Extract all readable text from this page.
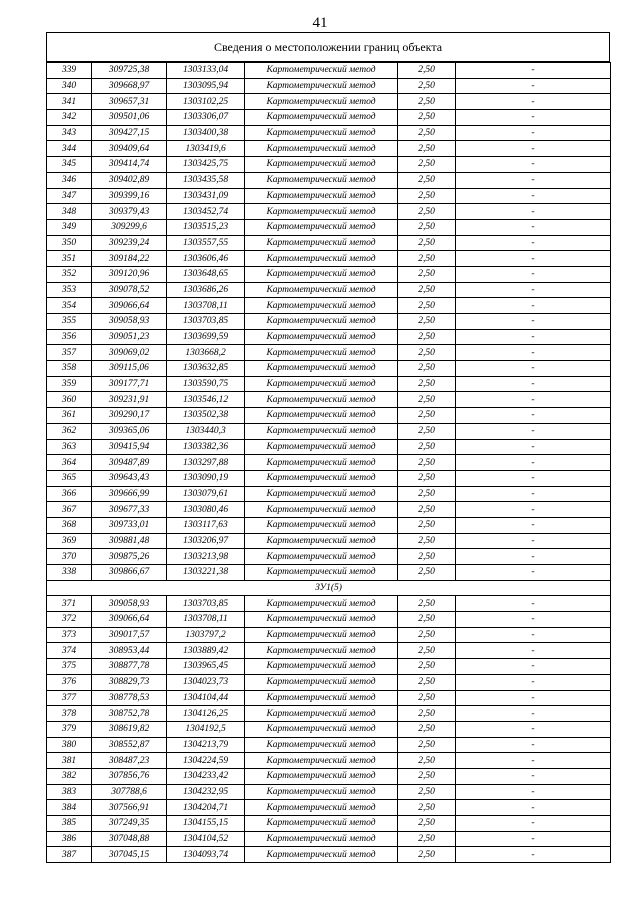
41
Сведения о местоположении границ объекта
339	309725,38	1303133,04	Картометрический метод	2,50	-
340	309668,97	1303095,94	Картометрический метод	2,50	-
341	309657,31	1303102,25	Картометрический метод	2,50	-
342	309501,06	1303306,07	Картометрический метод	2,50	-
343	309427,15	1303400,38	Картометрический метод	2,50	-
344	309409,64	1303419,6	Картометрический метод	2,50	-
345	309414,74	1303425,75	Картометрический метод	2,50	-
346	309402,89	1303435,58	Картометрический метод	2,50	-
347	309399,16	1303431,09	Картометрический метод	2,50	-
348	309379,43	1303452,74	Картометрический метод	2,50	-
349	309299,6	1303515,23	Картометрический метод	2,50	-
350	309239,24	1303557,55	Картометрический метод	2,50	-
351	309184,22	1303606,46	Картометрический метод	2,50	-
352	309120,96	1303648,65	Картометрический метод	2,50	-
353	309078,52	1303686,26	Картометрический метод	2,50	-
354	309066,64	1303708,11	Картометрический метод	2,50	-
355	309058,93	1303703,85	Картометрический метод	2,50	-
356	309051,23	1303699,59	Картометрический метод	2,50	-
357	309069,02	1303668,2	Картометрический метод	2,50	-
358	309115,06	1303632,85	Картометрический метод	2,50	-
359	309177,71	1303590,75	Картометрический метод	2,50	-
360	309231,91	1303546,12	Картометрический метод	2,50	-
361	309290,17	1303502,38	Картометрический метод	2,50	-
362	309365,06	1303440,3	Картометрический метод	2,50	-
363	309415,94	1303382,36	Картометрический метод	2,50	-
364	309487,89	1303297,88	Картометрический метод	2,50	-
365	309643,43	1303090,19	Картометрический метод	2,50	-
366	309666,99	1303079,61	Картометрический метод	2,50	-
367	309677,33	1303080,46	Картометрический метод	2,50	-
368	309733,01	1303117,63	Картометрический метод	2,50	-
369	309881,48	1303206,97	Картометрический метод	2,50	-
370	309875,26	1303213,98	Картометрический метод	2,50	-
338	309866,67	1303221,38	Картометрический метод	2,50	-
ЗУ1(5)					
371	309058,93	1303703,85	Картометрический метод	2,50	-
372	309066,64	1303708,11	Картометрический метод	2,50	-
373	309017,57	1303797,2	Картометрический метод	2,50	-
374	308953,44	1303889,42	Картометрический метод	2,50	-
375	308877,78	1303965,45	Картометрический метод	2,50	-
376	308829,73	1304023,73	Картометрический метод	2,50	-
377	308778,53	1304104,44	Картометрический метод	2,50	-
378	308752,78	1304126,25	Картометрический метод	2,50	-
379	308619,82	1304192,5	Картометрический метод	2,50	-
380	308552,87	1304213,79	Картометрический метод	2,50	-
381	308487,23	1304224,59	Картометрический метод	2,50	-
382	307856,76	1304233,42	Картометрический метод	2,50	-
383	307788,6	1304232,95	Картометрический метод	2,50	-
384	307566,91	1304204,71	Картометрический метод	2,50	-
385	307249,35	1304155,15	Картометрический метод	2,50	-
386	307048,88	1304104,52	Картометрический метод	2,50	-
387	307045,15	1304093,74	Картометрический метод	2,50	-
